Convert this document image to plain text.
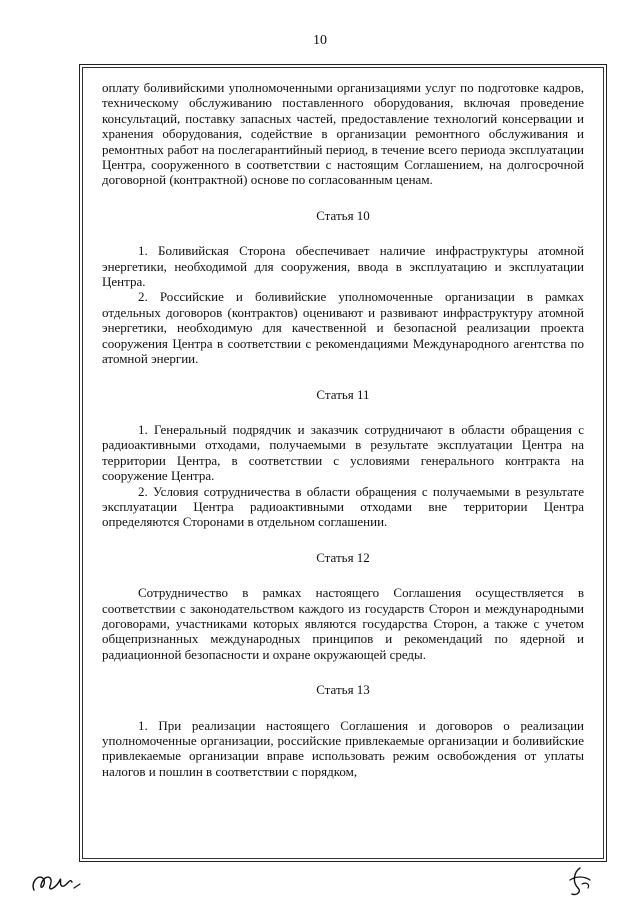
10

оплату боливийскими уполномоченными организациями услуг по подготовке кадров, техническому обслуживанию поставленного оборудования, включая проведение консультаций, поставку запасных частей, предоставление технологий консервации и хранения оборудования, содействие в организации ремонтного обслуживания и ремонтных работ на послегарантийный период, в течение всего периода эксплуатации Центра, сооруженного в соответствии с настоящим Соглашением, на долгосрочной договорной (контрактной) основе по согласованным ценам.

Статья 10

1. Боливийская Сторона обеспечивает наличие инфраструктуры атомной энергетики, необходимой для сооружения, ввода в эксплуатацию и эксплуатации Центра.

2. Российские и боливийские уполномоченные организации в рамках отдельных договоров (контрактов) оценивают и развивают инфраструктуру атомной энергетики, необходимую для качественной и безопасной реализации проекта сооружения Центра в соответствии с рекомендациями Международного агентства по атомной энергии.

Статья 11

1. Генеральный подрядчик и заказчик сотрудничают в области обращения с радиоактивными отходами, получаемыми в результате эксплуатации Центра на территории Центра, в соответствии с условиями генерального контракта на сооружение Центра.

2. Условия сотрудничества в области обращения с получаемыми в результате эксплуатации Центра радиоактивными отходами вне территории Центра определяются Сторонами в отдельном соглашении.

Статья 12

Сотрудничество в рамках настоящего Соглашения осуществляется в соответствии с законодательством каждого из государств Сторон и международными договорами, участниками которых являются государства Сторон, а также с учетом общепризнанных международных принципов и рекомендаций по ядерной и радиационной безопасности и охране окружающей среды.

Статья 13

1. При реализации настоящего Соглашения и договоров о реализации уполномоченные организации, российские привлекаемые организации и боливийские привлекаемые организации вправе использовать режим освобождения от уплаты налогов и пошлин в соответствии с порядком,
